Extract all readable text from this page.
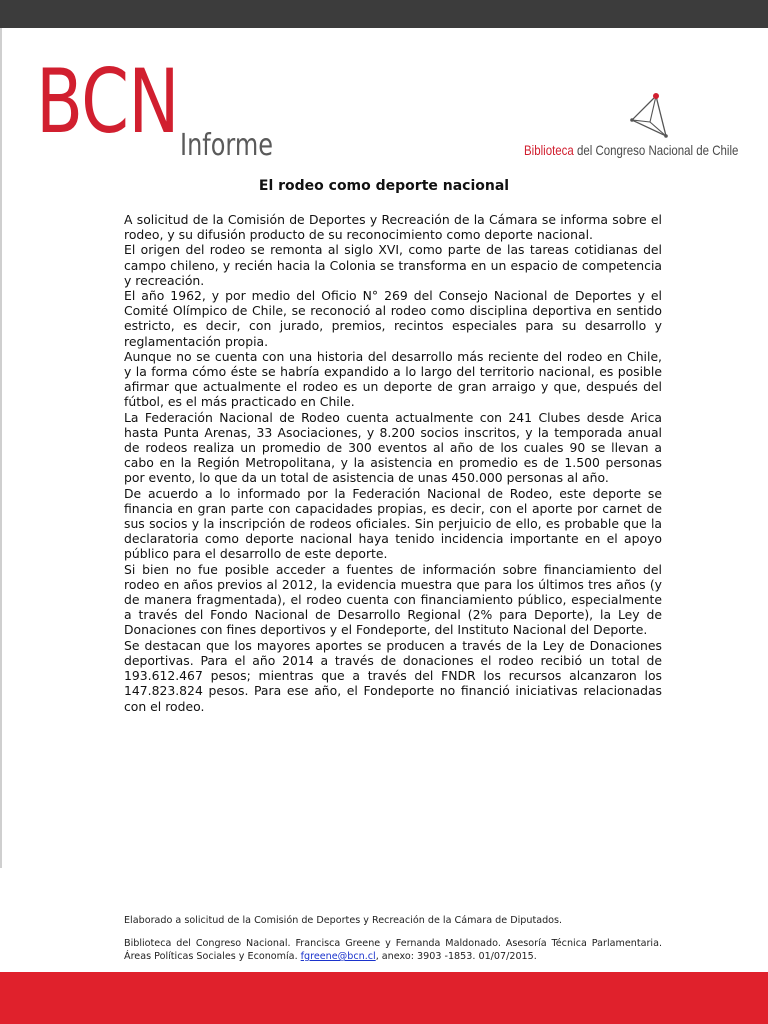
BCN Informe	Biblioteca del Congreso Nacional de Chile
El rodeo como deporte nacional

A solicitud de la Comisión de Deportes y Recreación de la Cámara se informa sobre el rodeo, y su difusión producto de su reconocimiento como deporte nacional.

El origen del rodeo se remonta al siglo XVI, como parte de las tareas cotidianas del campo chileno, y recién hacia la Colonia se transforma en un espacio de competencia y recreación.

El año 1962, y por medio del Oficio N° 269 del Consejo Nacional de Deportes y el Comité Olímpico de Chile, se reconoció al rodeo como disciplina deportiva en sentido estricto, es decir, con jurado, premios, recintos especiales para su desarrollo y reglamentación propia.

Aunque no se cuenta con una historia del desarrollo más reciente del rodeo en Chile, y la forma cómo éste se habría expandido a lo largo del territorio nacional, es posible afirmar que actualmente el rodeo es un deporte de gran arraigo y que, después del fútbol, es el más practicado en Chile.

La Federación Nacional de Rodeo cuenta actualmente con 241 Clubes desde Arica hasta Punta Arenas, 33 Asociaciones, y 8.200 socios inscritos, y la temporada anual de rodeos realiza un promedio de 300 eventos al año de los cuales 90 se llevan a cabo en la Región Metropolitana, y la asistencia en promedio es de 1.500 personas por evento, lo que da un total de asistencia de unas 450.000 personas al año.

De acuerdo a lo informado por la Federación Nacional de Rodeo, este deporte se financia en gran parte con capacidades propias, es decir, con el aporte por carnet de sus socios y la inscripción de rodeos oficiales. Sin perjuicio de ello, es probable que la declaratoria como deporte nacional haya tenido incidencia importante en el apoyo público para el desarrollo de este deporte.

Si bien no fue posible acceder a fuentes de información sobre financiamiento del rodeo en años previos al 2012, la evidencia muestra que para los últimos tres años (y de manera fragmentada), el rodeo cuenta con financiamiento público, especialmente a través del Fondo Nacional de Desarrollo Regional (2% para Deporte), la Ley de Donaciones con fines deportivos y el Fondeporte, del Instituto Nacional del Deporte.

Se destacan que los mayores aportes se producen a través de la Ley de Donaciones deportivas. Para el año 2014 a través de donaciones el rodeo recibió un total de 193.612.467 pesos; mientras que a través del FNDR los recursos alcanzaron los 147.823.824 pesos. Para ese año, el Fondeporte no financió iniciativas relacionadas con el rodeo.

Elaborado a solicitud de la Comisión de Deportes y Recreación de la Cámara de Diputados.

Biblioteca del Congreso Nacional. Francisca Greene y Fernanda Maldonado. Asesoría Técnica Parlamentaria. Áreas Políticas Sociales y Economía. fgreene@bcn.cl, anexo: 3903 -1853. 01/07/2015.
